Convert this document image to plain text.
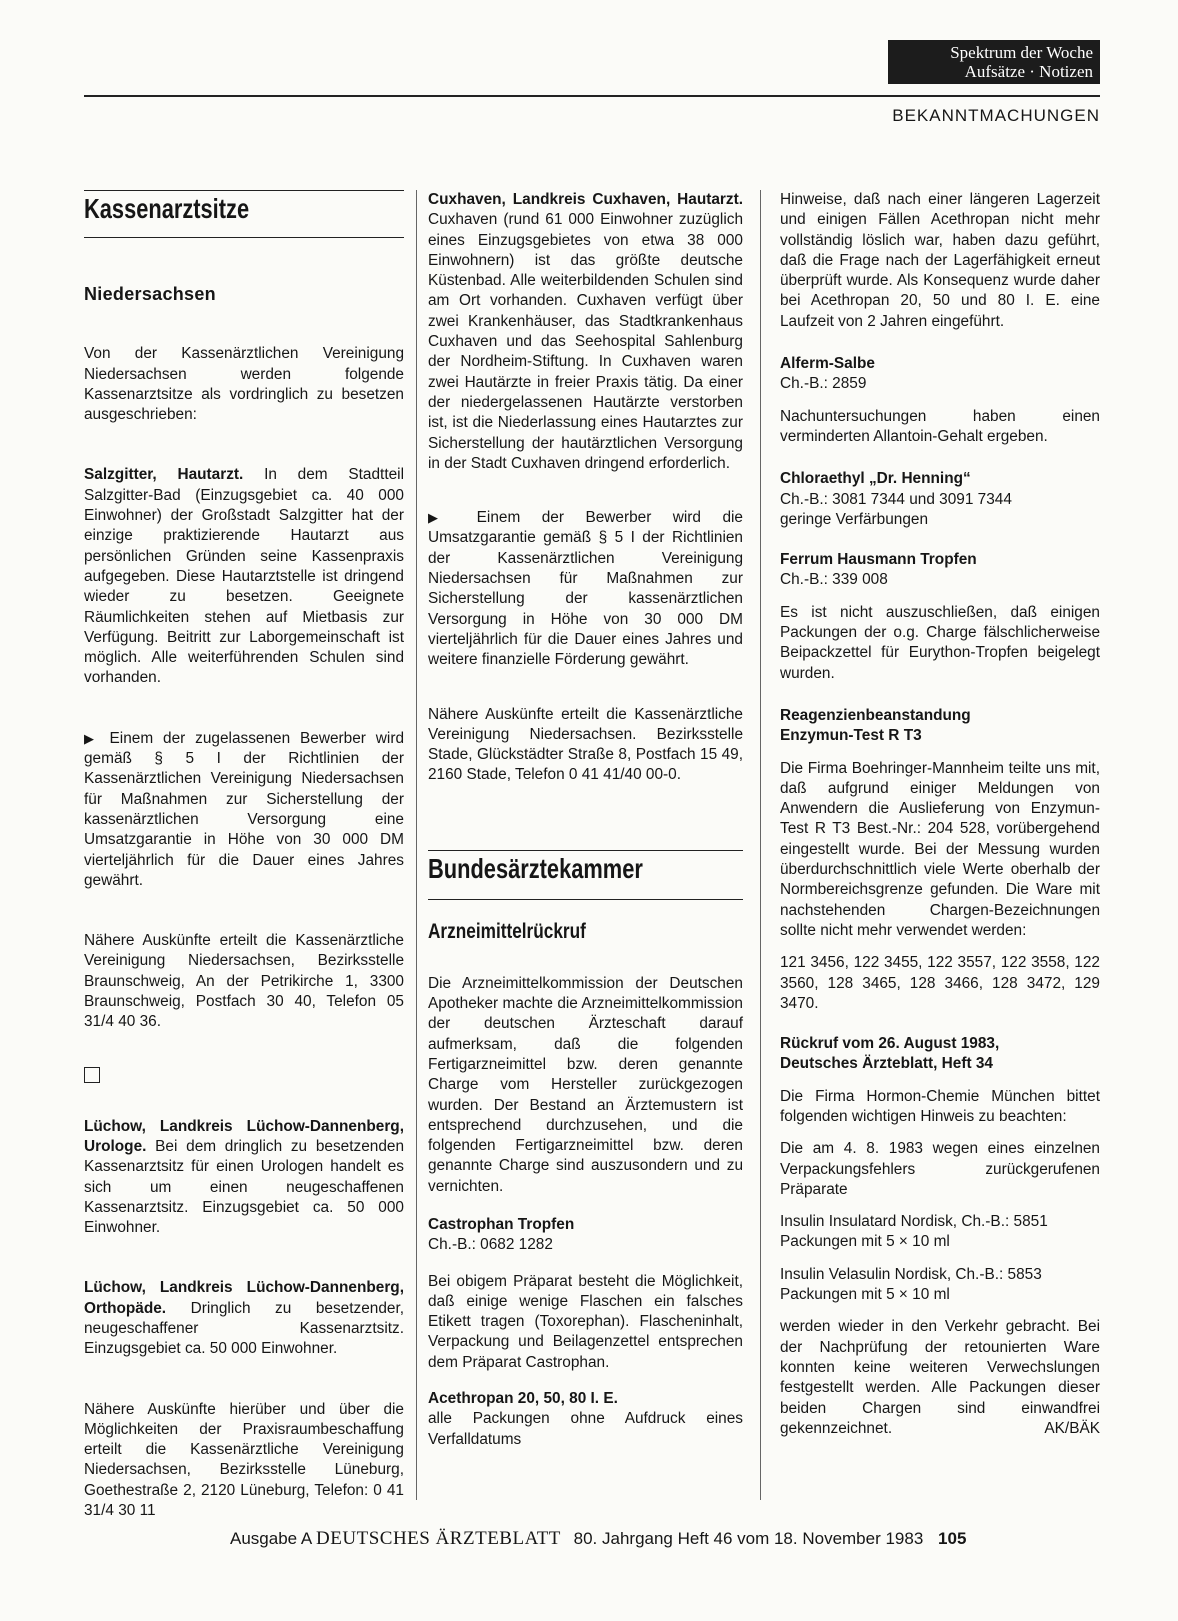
Spektrum der Woche
Aufsätze · Notizen
BEKANNTMACHUNGEN
Kassenarztsitze
Niedersachsen

Von der Kassenärztlichen Vereinigung Niedersachsen werden folgende Kassenarztsitze als vordringlich zu besetzen ausgeschrieben:

Salzgitter, Hautarzt. In dem Stadtteil Salzgitter-Bad (Einzugsgebiet ca. 40 000 Einwohner) der Großstadt Salzgitter hat der einzige praktizierende Hautarzt aus persönlichen Gründen seine Kassenpraxis aufgegeben. Diese Hautarztstelle ist dringend wieder zu besetzen. Geeignete Räumlichkeiten stehen auf Mietbasis zur Verfügung. Beitritt zur Laborgemeinschaft ist möglich. Alle weiterführenden Schulen sind vorhanden.

▶ Einem der zugelassenen Bewerber wird gemäß § 5 I der Richtlinien der Kassenärztlichen Vereinigung Niedersachsen für Maßnahmen zur Sicherstellung der kassenärztlichen Versorgung eine Umsatzgarantie in Höhe von 30 000 DM vierteljährlich für die Dauer eines Jahres gewährt.

Nähere Auskünfte erteilt die Kassenärztliche Vereinigung Niedersachsen, Bezirksstelle Braunschweig, An der Petrikirche 1, 3300 Braunschweig, Postfach 30 40, Telefon 05 31/4 40 36.

Lüchow, Landkreis Lüchow-Dannenberg, Urologe. Bei dem dringlich zu besetzenden Kassenarztsitz für einen Urologen handelt es sich um einen neugeschaffenen Kassenarztsitz. Einzugsgebiet ca. 50 000 Einwohner.

Lüchow, Landkreis Lüchow-Dannenberg, Orthopäde. Dringlich zu besetzender, neugeschaffener Kassenarztsitz. Einzugsgebiet ca. 50 000 Einwohner.

Nähere Auskünfte hierüber und über die Möglichkeiten der Praxisraumbeschaffung erteilt die Kassenärztliche Vereinigung Niedersachsen, Bezirksstelle Lüneburg, Goethestraße 2, 2120 Lüneburg, Telefon: 0 41 31/4 30 11

Cuxhaven, Landkreis Cuxhaven, Hautarzt. Cuxhaven (rund 61 000 Einwohner zuzüglich eines Einzugsgebietes von etwa 38 000 Einwohnern) ist das größte deutsche Küstenbad. Alle weiterbildenden Schulen sind am Ort vorhanden. Cuxhaven verfügt über zwei Krankenhäuser, das Stadtkrankenhaus Cuxhaven und das Seehospital Sahlenburg der Nordheim-Stiftung. In Cuxhaven waren zwei Hautärzte in freier Praxis tätig. Da einer der niedergelassenen Hautärzte verstorben ist, ist die Niederlassung eines Hautarztes zur Sicherstellung der hautärztlichen Versorgung in der Stadt Cuxhaven dringend erforderlich.

▶ Einem der Bewerber wird die Umsatzgarantie gemäß § 5 I der Richtlinien der Kassenärztlichen Vereinigung Niedersachsen für Maßnahmen zur Sicherstellung der kassenärztlichen Versorgung in Höhe von 30 000 DM vierteljährlich für die Dauer eines Jahres und weitere finanzielle Förderung gewährt.

Nähere Auskünfte erteilt die Kassenärztliche Vereinigung Niedersachsen. Bezirksstelle Stade, Glückstädter Straße 8, Postfach 15 49, 2160 Stade, Telefon 0 41 41/40 00-0.

Bundesärztekammer
Arzneimittelrückruf

Die Arzneimittelkommission der Deutschen Apotheker machte die Arzneimittelkommission der deutschen Ärzteschaft darauf aufmerksam, daß die folgenden Fertigarzneimittel bzw. deren genannte Charge vom Hersteller zurückgezogen wurden. Der Bestand an Ärztemustern ist entsprechend durchzusehen, und die folgenden Fertigarzneimittel bzw. deren genannte Charge sind auszusondern und zu vernichten.

Castrophan Tropfen
Ch.-B.: 0682 1282

Bei obigem Präparat besteht die Möglichkeit, daß einige wenige Flaschen ein falsches Etikett tragen (Toxorephan). Flascheninhalt, Verpackung und Beilagenzettel entsprechen dem Präparat Castrophan.

Acethropan 20, 50, 80 I. E.

alle Packungen ohne Aufdruck eines Verfalldatums

Hinweise, daß nach einer längeren Lagerzeit und einigen Fällen Acethropan nicht mehr vollständig löslich war, haben dazu geführt, daß die Frage nach der Lagerfähigkeit erneut überprüft wurde. Als Konsequenz wurde daher bei Acethropan 20, 50 und 80 I. E. eine Laufzeit von 2 Jahren eingeführt.

Alferm-Salbe
Ch.-B.: 2859

Nachuntersuchungen haben einen verminderten Allantoin-Gehalt ergeben.

Chloraethyl „Dr. Henning“
Ch.-B.: 3081 7344 und 3091 7344
geringe Verfärbungen
Ferrum Hausmann Tropfen
Ch.-B.: 339 008

Es ist nicht auszuschließen, daß einigen Packungen der o.g. Charge fälschlicherweise Beipackzettel für Eurython-Tropfen beigelegt wurden.

Reagenzienbeanstandung
Enzymun-Test R T3

Die Firma Boehringer-Mannheim teilte uns mit, daß aufgrund einiger Meldungen von Anwendern die Auslieferung von Enzymun-Test R T3 Best.-Nr.: 204 528, vorübergehend eingestellt wurde. Bei der Messung wurden überdurchschnittlich viele Werte oberhalb der Normbereichsgrenze gefunden. Die Ware mit nachstehenden Chargen-Bezeichnungen sollte nicht mehr verwendet werden:

121 3456, 122 3455, 122 3557, 122 3558, 122 3560, 128 3465, 128 3466, 128 3472, 129 3470.

Rückruf vom 26. August 1983,
Deutsches Ärzteblatt, Heft 34

Die Firma Hormon-Chemie München bittet folgenden wichtigen Hinweis zu beachten:

Die am 4. 8. 1983 wegen eines einzelnen Verpackungsfehlers zurückgerufenen Präparate

Insulin Insulatard Nordisk, Ch.-B.: 5851
Packungen mit 5 × 10 ml
Insulin Velasulin Nordisk, Ch.-B.: 5853
Packungen mit 5 × 10 ml

werden wieder in den Verkehr gebracht. Bei der Nachprüfung der retounierten Ware konnten keine weiteren Verwechslungen festgestellt werden. Alle Packungen dieser beiden Chargen sind einwandfrei gekennzeichnet.	AK/BÄK
Ausgabe A DEUTSCHES ÄRZTEBLATT 80. Jahrgang Heft 46 vom 18. November 1983 105
